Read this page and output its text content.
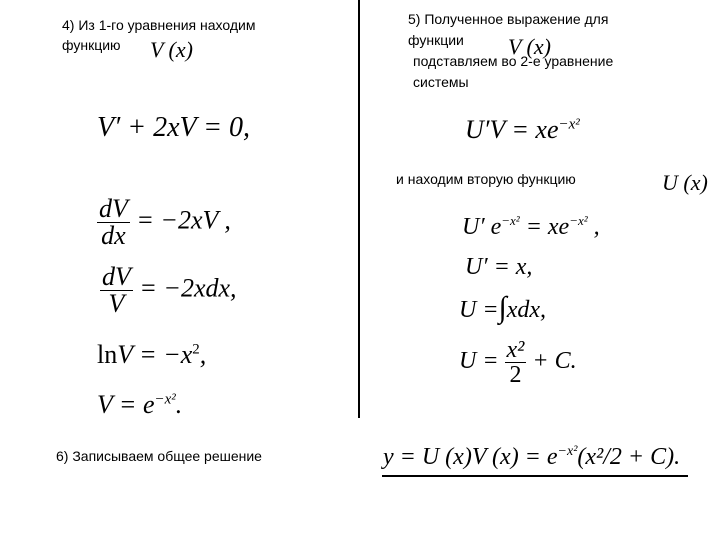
4) Из 1-го уравнения находим
функцию V (x)
V′ + 2xV = 0,
$\frac{dV}{dx} = -2xV$ ,
$\frac{dV}{V} = -2xdx$,
$\ln V = -x^2$,
$V = e^{-x^2}$.
5) Полученное выражение для
функции V (x)
подставляем во 2-е уравнение
системы
$U'V = xe^{-x^2}$
и находим вторую функцию	U (x)
U′ $e^{-x^2} = xe^{-x^2}$ ,
U′ = x,
U =∫xdx,
$U = \frac{\text{x²}}{2} + C$.
6) Записываем общее решение	y = U (x)V $(x) = e^{-x^2}(x^2/2 + C)$.
